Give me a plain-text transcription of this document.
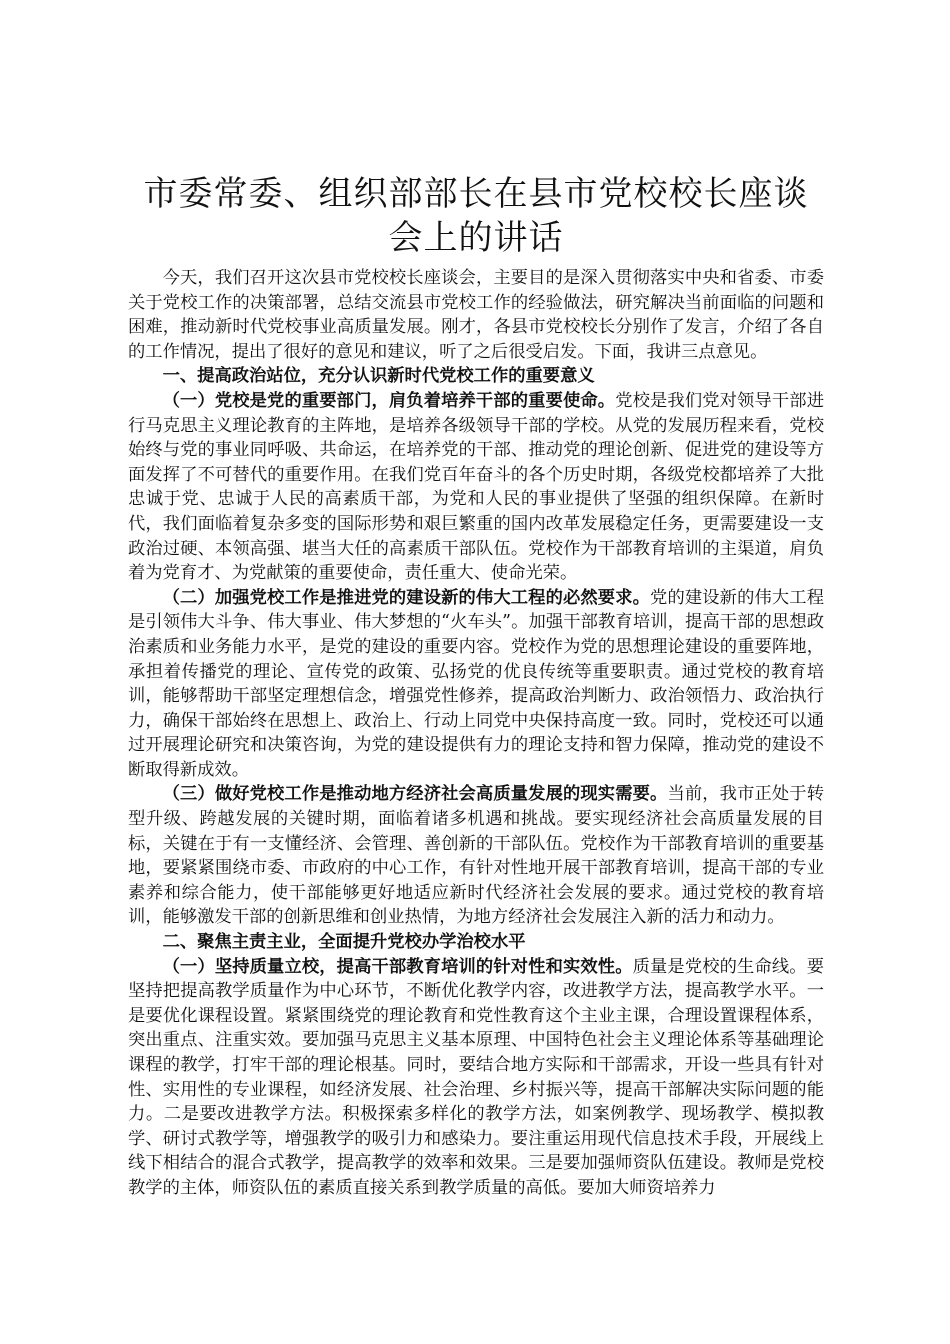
市委常委、组织部部长在县市党校校长座谈会上的讲话

今天，我们召开这次县市党校校长座谈会，主要目的是深入贯彻落实中央和省委、市委关于党校工作的决策部署，总结交流县市党校工作的经验做法，研究解决当前面临的问题和困难，推动新时代党校事业高质量发展。刚才，各县市党校校长分别作了发言，介绍了各自的工作情况，提出了很好的意见和建议，听了之后很受启发。下面，我讲三点意见。

一、提高政治站位，充分认识新时代党校工作的重要意义

（一）党校是党的重要部门，肩负着培养干部的重要使命。党校是我们党对领导干部进行马克思主义理论教育的主阵地，是培养各级领导干部的学校。从党的发展历程来看，党校始终与党的事业同呼吸、共命运，在培养党的干部、推动党的理论创新、促进党的建设等方面发挥了不可替代的重要作用。在我们党百年奋斗的各个历史时期，各级党校都培养了大批忠诚于党、忠诚于人民的高素质干部，为党和人民的事业提供了坚强的组织保障。在新时代，我们面临着复杂多变的国际形势和艰巨繁重的国内改革发展稳定任务，更需要建设一支政治过硬、本领高强、堪当大任的高素质干部队伍。党校作为干部教育培训的主渠道，肩负着为党育才、为党献策的重要使命，责任重大、使命光荣。

（二）加强党校工作是推进党的建设新的伟大工程的必然要求。党的建设新的伟大工程是引领伟大斗争、伟大事业、伟大梦想的“火车头”。加强干部教育培训，提高干部的思想政治素质和业务能力水平，是党的建设的重要内容。党校作为党的思想理论建设的重要阵地，承担着传播党的理论、宣传党的政策、弘扬党的优良传统等重要职责。通过党校的教育培训，能够帮助干部坚定理想信念，增强党性修养，提高政治判断力、政治领悟力、政治执行力，确保干部始终在思想上、政治上、行动上同党中央保持高度一致。同时，党校还可以通过开展理论研究和决策咨询，为党的建设提供有力的理论支持和智力保障，推动党的建设不断取得新成效。

（三）做好党校工作是推动地方经济社会高质量发展的现实需要。当前，我市正处于转型升级、跨越发展的关键时期，面临着诸多机遇和挑战。要实现经济社会高质量发展的目标，关键在于有一支懂经济、会管理、善创新的干部队伍。党校作为干部教育培训的重要基地，要紧紧围绕市委、市政府的中心工作，有针对性地开展干部教育培训，提高干部的专业素养和综合能力，使干部能够更好地适应新时代经济社会发展的要求。通过党校的教育培训，能够激发干部的创新思维和创业热情，为地方经济社会发展注入新的活力和动力。

二、聚焦主责主业，全面提升党校办学治校水平

（一）坚持质量立校，提高干部教育培训的针对性和实效性。质量是党校的生命线。要坚持把提高教学质量作为中心环节，不断优化教学内容，改进教学方法，提高教学水平。一是要优化课程设置。紧紧围绕党的理论教育和党性教育这个主业主课，合理设置课程体系，突出重点、注重实效。要加强马克思主义基本原理、中国特色社会主义理论体系等基础理论课程的教学，打牢干部的理论根基。同时，要结合地方实际和干部需求，开设一些具有针对性、实用性的专业课程，如经济发展、社会治理、乡村振兴等，提高干部解决实际问题的能力。二是要改进教学方法。积极探索多样化的教学方法，如案例教学、现场教学、模拟教学、研讨式教学等，增强教学的吸引力和感染力。要注重运用现代信息技术手段，开展线上线下相结合的混合式教学，提高教学的效率和效果。三是要加强师资队伍建设。教师是党校教学的主体，师资队伍的素质直接关系到教学质量的高低。要加大师资培养力
